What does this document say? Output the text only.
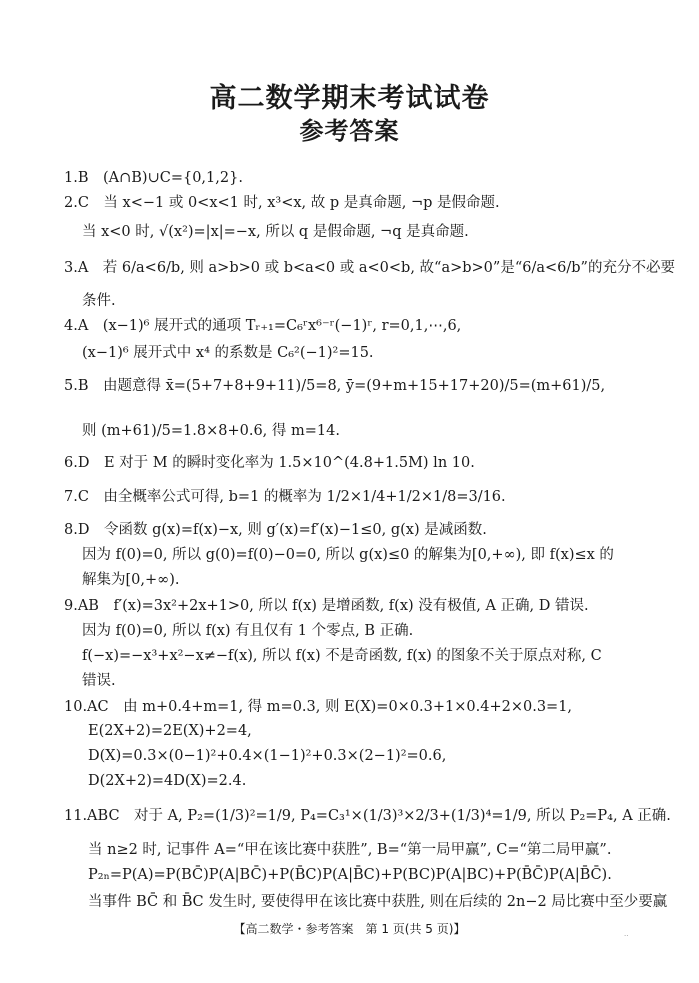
高二数学期末考试试卷
参考答案
1.B　(A∩B)∪C={0,1,2}.
2.C　当 x<−1 或 0<x<1 时, x³<x, 故 p 是真命题, ¬p 是假命题.
当 x<0 时, √(x²)=|x|=−x, 所以 q 是假命题, ¬q 是真命题.
3.A　若 6/a<6/b, 则 a>b>0 或 b<a<0 或 a<0<b, 故“a>b>0”是“6/a<6/b”的充分不必要
条件.
4.A　(x−1)⁶ 展开式的通项 Tᵣ₊₁=C₆ʳx⁶⁻ʳ(−1)ʳ, r=0,1,⋯,6,
(x−1)⁶ 展开式中 x⁴ 的系数是 C₆²(−1)²=15.
5.B　由题意得 x̄=(5+7+8+9+11)/5=8, ȳ=(9+m+15+17+20)/5=(m+61)/5,
则 (m+61)/5=1.8×8+0.6, 得 m=14.
6.D　E 对于 M 的瞬时变化率为 1.5×10^(4.8+1.5M) ln 10.
7.C　由全概率公式可得, b=1 的概率为 1/2×1/4+1/2×1/8=3/16.
8.D　令函数 g(x)=f(x)−x, 则 g′(x)=f′(x)−1≤0, g(x) 是减函数.
因为 f(0)=0, 所以 g(0)=f(0)−0=0, 所以 g(x)≤0 的解集为[0,+∞), 即 f(x)≤x 的
解集为[0,+∞).
9.AB　f′(x)=3x²+2x+1>0, 所以 f(x) 是增函数, f(x) 没有极值, A 正确, D 错误.
因为 f(0)=0, 所以 f(x) 有且仅有 1 个零点, B 正确.
f(−x)=−x³+x²−x≠−f(x), 所以 f(x) 不是奇函数, f(x) 的图象不关于原点对称, C
错误.
10.AC　由 m+0.4+m=1, 得 m=0.3, 则 E(X)=0×0.3+1×0.4+2×0.3=1,
E(2X+2)=2E(X)+2=4,
D(X)=0.3×(0−1)²+0.4×(1−1)²+0.3×(2−1)²=0.6,
D(2X+2)=4D(X)=2.4.
11.ABC　对于 A, P₂=(1/3)²=1/9, P₄=C₃¹×(1/3)³×2/3+(1/3)⁴=1/9, 所以 P₂=P₄, A 正确.
当 n≥2 时, 记事件 A=“甲在该比赛中获胜”, B=“第一局甲赢”, C=“第二局甲赢”.
P₂ₙ=P(A)=P(BC̄)P(A|BC̄)+P(B̄C)P(A|B̄C)+P(BC)P(A|BC)+P(B̄C̄)P(A|B̄C̄).
当事件 BC̄ 和 B̄C 发生时, 要使得甲在该比赛中获胜, 则在后续的 2n−2 局比赛中至少要赢
【高二数学・参考答案　第 1 页(共 5 页)】	··
